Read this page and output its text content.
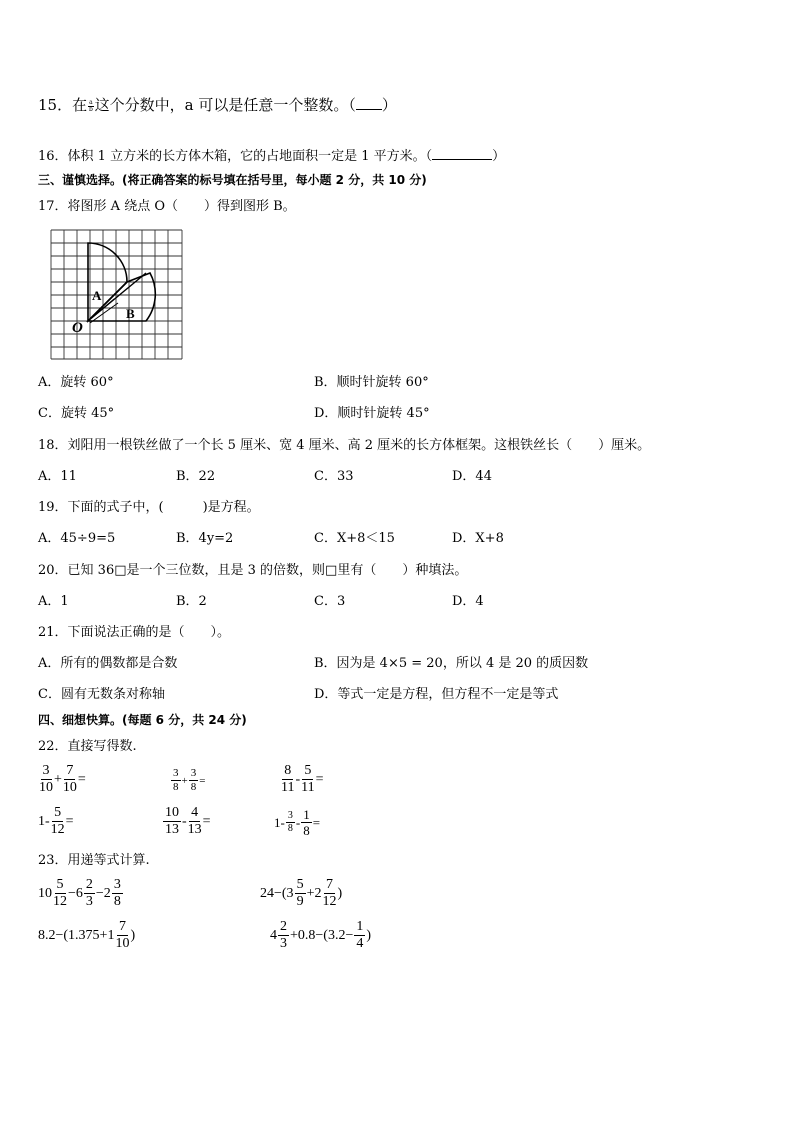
15．在 $\frac{a}{b}$ 这个分数中，a 可以是任意一个整数。（ ）
16．体积 1 立方米的长方体木箱，它的占地面积一定是 1 平方米。（	）
三、谨慎选择。(将正确答案的标号填在括号里，每小题 2 分，共 10 分)
17．将图形 A 绕点 O（　　）得到图形 B。
A
B
O
A．旋转 60°	B．顺时针旋转 60°
C．旋转 45°	D．顺时针旋转 45°
18．刘阳用一根铁丝做了一个长 5 厘米、宽 4 厘米、高 2 厘米的长方体框架。这根铁丝长（　　）厘米。
A．11	B．22	C．33	D．44
19．下面的式子中，(　　　)是方程。
A．45÷9=5	B．4y=2	C．X+8＜15	D．X+8
20．已知 36□是一个三位数，且是 3 的倍数，则□里有（　　）种填法。
A．1	B．2	C．3	D．4
21．下面说法正确的是（　　）。
A．所有的偶数都是合数	B．因为是 4×5 = 20，所以 4 是 20 的质因数
C．圆有无数条对称轴	D．等式一定是方程，但方程不一定是等式
四、细想快算。(每题 6 分，共 24 分)
22．直接写得数.
$\frac{3}{10} + \frac{7}{10}$ =	$\frac{3}{8} + \frac{3}{8}$ =	$\frac{8}{11} - \frac{5}{11}$ =
$1- \frac{5}{12}$ =	$\frac{10}{13} - \frac{4}{13}$ =	$1- \frac{3}{8} - \frac{1}{8}$ =
23．用递等式计算.
$10 \frac{5}{12} -6 \frac{2}{3} -2 \frac{3}{8}$	$24-(3 \frac{5}{9} +2 \frac{7}{12}$ )
$8.2-(1.375+1 \frac{7}{10}$ )	$4 \frac{2}{3} +0.8-(3.2- \frac{1}{4}$ )
